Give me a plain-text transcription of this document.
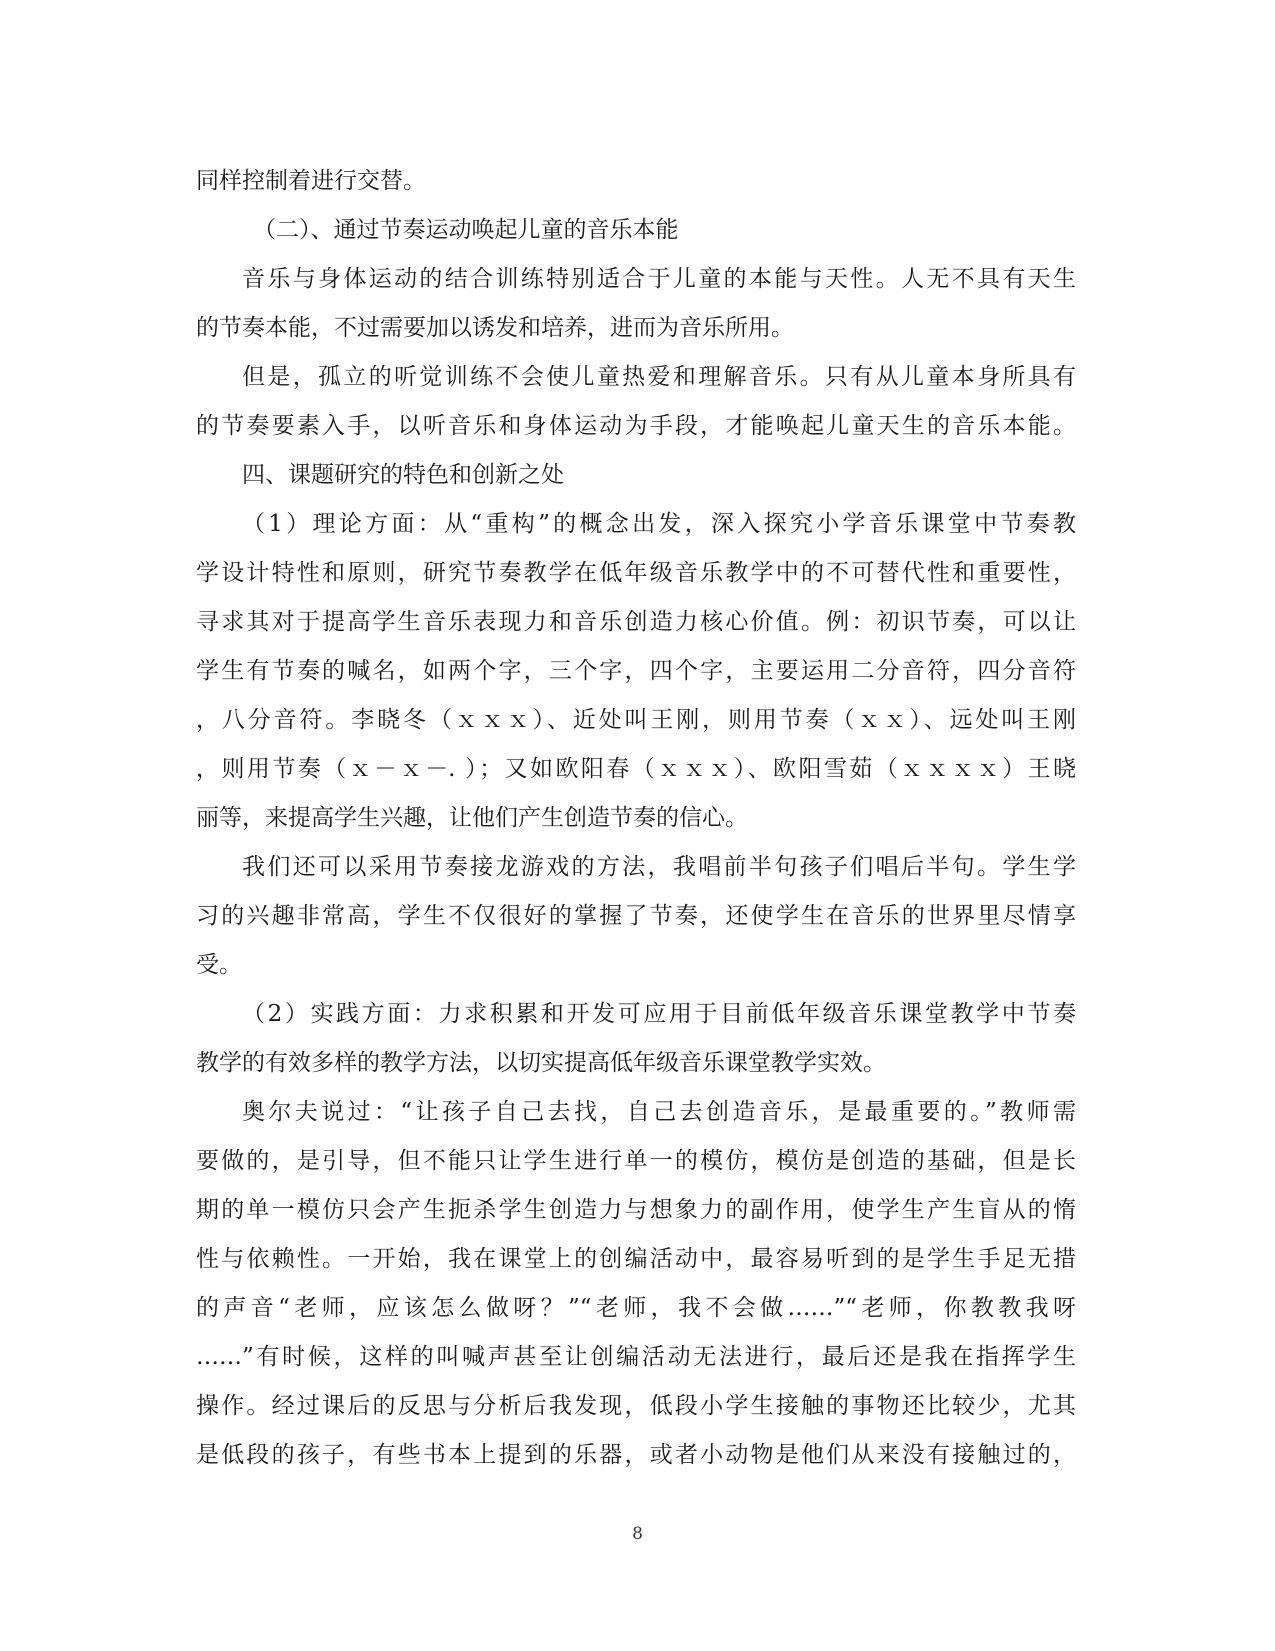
同样控制着进行交替。
（二）、通过节奏运动唤起儿童的音乐本能
音乐与身体运动的结合训练特别适合于儿童的本能与天性。人无不具有天生
的节奏本能，不过需要加以诱发和培养，进而为音乐所用。
但是，孤立的听觉训练不会使儿童热爱和理解音乐。只有从儿童本身所具有
的节奏要素入手，以听音乐和身体运动为手段，才能唤起儿童天生的音乐本能。
四、课题研究的特色和创新之处
（1）理论方面：从“重构”的概念出发，深入探究小学音乐课堂中节奏教
学设计特性和原则，研究节奏教学在低年级音乐教学中的不可替代性和重要性，
寻求其对于提高学生音乐表现力和音乐创造力核心价值。例：初识节奏，可以让
学生有节奏的喊名，如两个字，三个字，四个字，主要运用二分音符，四分音符
，八分音符。李晓冬（ｘｘｘ）、近处叫王刚，则用节奏（ｘｘ）、远处叫王刚
，则用节奏（ｘ－ｘ－. ）；又如欧阳春（ｘｘｘ）、欧阳雪茹（ｘｘｘｘ）王晓
丽等，来提高学生兴趣，让他们产生创造节奏的信心。
我们还可以采用节奏接龙游戏的方法，我唱前半句孩子们唱后半句。学生学
习的兴趣非常高，学生不仅很好的掌握了节奏，还使学生在音乐的世界里尽情享
受。
（2）实践方面：力求积累和开发可应用于目前低年级音乐课堂教学中节奏
教学的有效多样的教学方法，以切实提高低年级音乐课堂教学实效。
奥尔夫说过：“让孩子自己去找，自己去创造音乐，是最重要的。”教师需
要做的，是引导，但不能只让学生进行单一的模仿，模仿是创造的基础，但是长
期的单一模仿只会产生扼杀学生创造力与想象力的副作用，使学生产生盲从的惰
性与依赖性。一开始，我在课堂上的创编活动中，最容易听到的是学生手足无措
的声音“老师，应该怎么做呀？”“老师，我不会做……”“老师，你教教我呀
……”有时候，这样的叫喊声甚至让创编活动无法进行，最后还是我在指挥学生
操作。经过课后的反思与分析后我发现，低段小学生接触的事物还比较少，尤其
是低段的孩子，有些书本上提到的乐器，或者小动物是他们从来没有接触过的，
8
